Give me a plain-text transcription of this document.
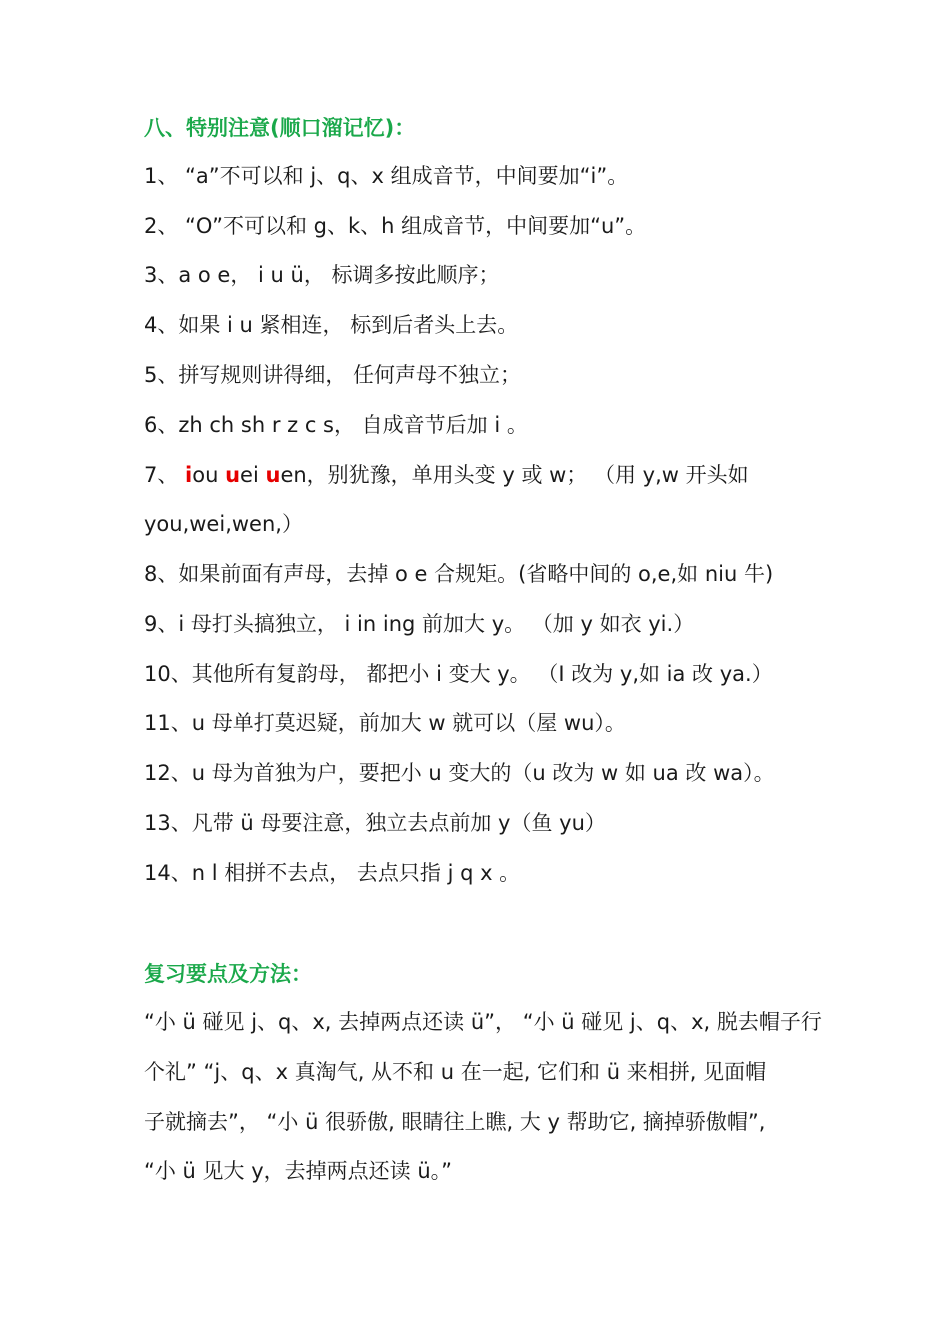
八、特别注意(顺口溜记忆)：
1、 “a”不可以和 j、q、x 组成音节，中间要加“i”。
2、 “O”不可以和 g、k、h 组成音节，中间要加“u”。
3、a o e， i u ü， 标调多按此顺序；
4、如果 i u 紧相连， 标到后者头上去。
5、拼写规则讲得细， 任何声母不独立；
6、zh ch sh r z c s， 自成音节后加 i 。
7、 iou uei uen，别犹豫，单用头变 y 或 w； （用 y,w 开头如
you,wei,wen,）
8、如果前面有声母，去掉 o e 合规矩。(省略中间的 o,e,如 niu 牛)
9、i 母打头搞独立， i in ing 前加大 y。 （加 y 如衣 yi.）
10、其他所有复韵母， 都把小 i 变大 y。 （I 改为 y,如 ia 改 ya.）
11、u 母单打莫迟疑，前加大 w 就可以（屋 wu）。
12、u 母为首独为户，要把小 u 变大的（u 改为 w 如 ua 改 wa）。
13、凡带 ü 母要注意，独立去点前加 y（鱼 yu）
14、n l 相拼不去点， 去点只指 j q x 。
复习要点及方法：
“小 ü 碰见 j、q、x, 去掉两点还读 ü”， “小 ü 碰见 j、q、x, 脱去帽子行
个礼” “j、q、x 真淘气, 从不和 u 在一起, 它们和 ü 来相拼, 见面帽
子就摘去”， “小 ü 很骄傲, 眼睛往上瞧, 大 y 帮助它, 摘掉骄傲帽”,
“小 ü 见大 y，去掉两点还读 ü。”
